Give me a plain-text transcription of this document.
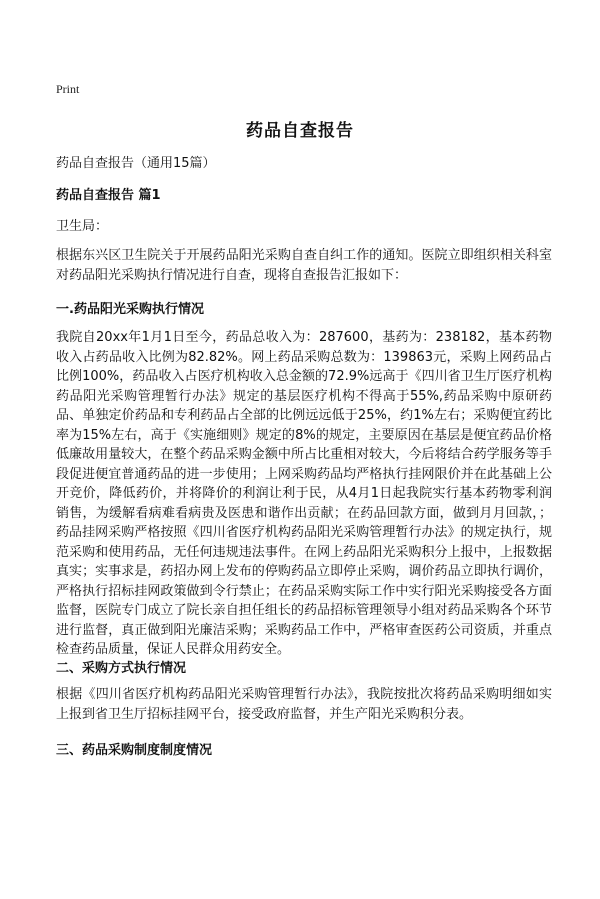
Print
药品自查报告
药品自查报告（通用15篇）
药品自查报告 篇1
卫生局：
根据东兴区卫生院关于开展药品阳光采购自查自纠工作的通知。医院立即组织相关科室对药品阳光采购执行情况进行自查，现将自查报告汇报如下：
一.药品阳光采购执行情况
我院自20xx年1月1日至今，药品总收入为：287600，基药为：238182，基本药物收入占药品收入比例为82.82%。网上药品采购总数为：139863元，采购上网药品占比例100%，药品收入占医疗机构收入总金额的72.9%远高于《四川省卫生厅医疗机构药品阳光采购管理暂行办法》规定的基层医疗机构不得高于55%,药品采购中原研药品、单独定价药品和专利药品占全部的比例远远低于25%，约1%左右；采购便宜药比率为15%左右，高于《实施细则》规定的8%的规定，主要原因在基层是便宜药品价格低廉故用量较大，在整个药品采购金额中所占比重相对较大，今后将结合药学服务等手段促进便宜普通药品的进一步使用；上网采购药品均严格执行挂网限价并在此基础上公开竞价，降低药价，并将降价的利润让利于民，从4月1日起我院实行基本药物零利润销售，为缓解看病难看病贵及医患和谐作出贡献；在药品回款方面，做到月月回款，；药品挂网采购严格按照《四川省医疗机构药品阳光采购管理暂行办法》的规定执行，规范采购和使用药品，无任何违规违法事件。在网上药品阳光采购积分上报中，上报数据真实；实事求是，药招办网上发布的停购药品立即停止采购，调价药品立即执行调价，严格执行招标挂网政策做到令行禁止；在药品采购实际工作中实行阳光采购接受各方面监督，医院专门成立了院长亲自担任组长的药品招标管理领导小组对药品采购各个环节进行监督，真正做到阳光廉洁采购；采购药品工作中，严格审查医药公司资质，并重点检查药品质量，保证人民群众用药安全。
二、采购方式执行情况
根据《四川省医疗机构药品阳光采购管理暂行办法》，我院按批次将药品采购明细如实上报到省卫生厅招标挂网平台，接受政府监督，并生产阳光采购积分表。
三、药品采购制度制度情况
